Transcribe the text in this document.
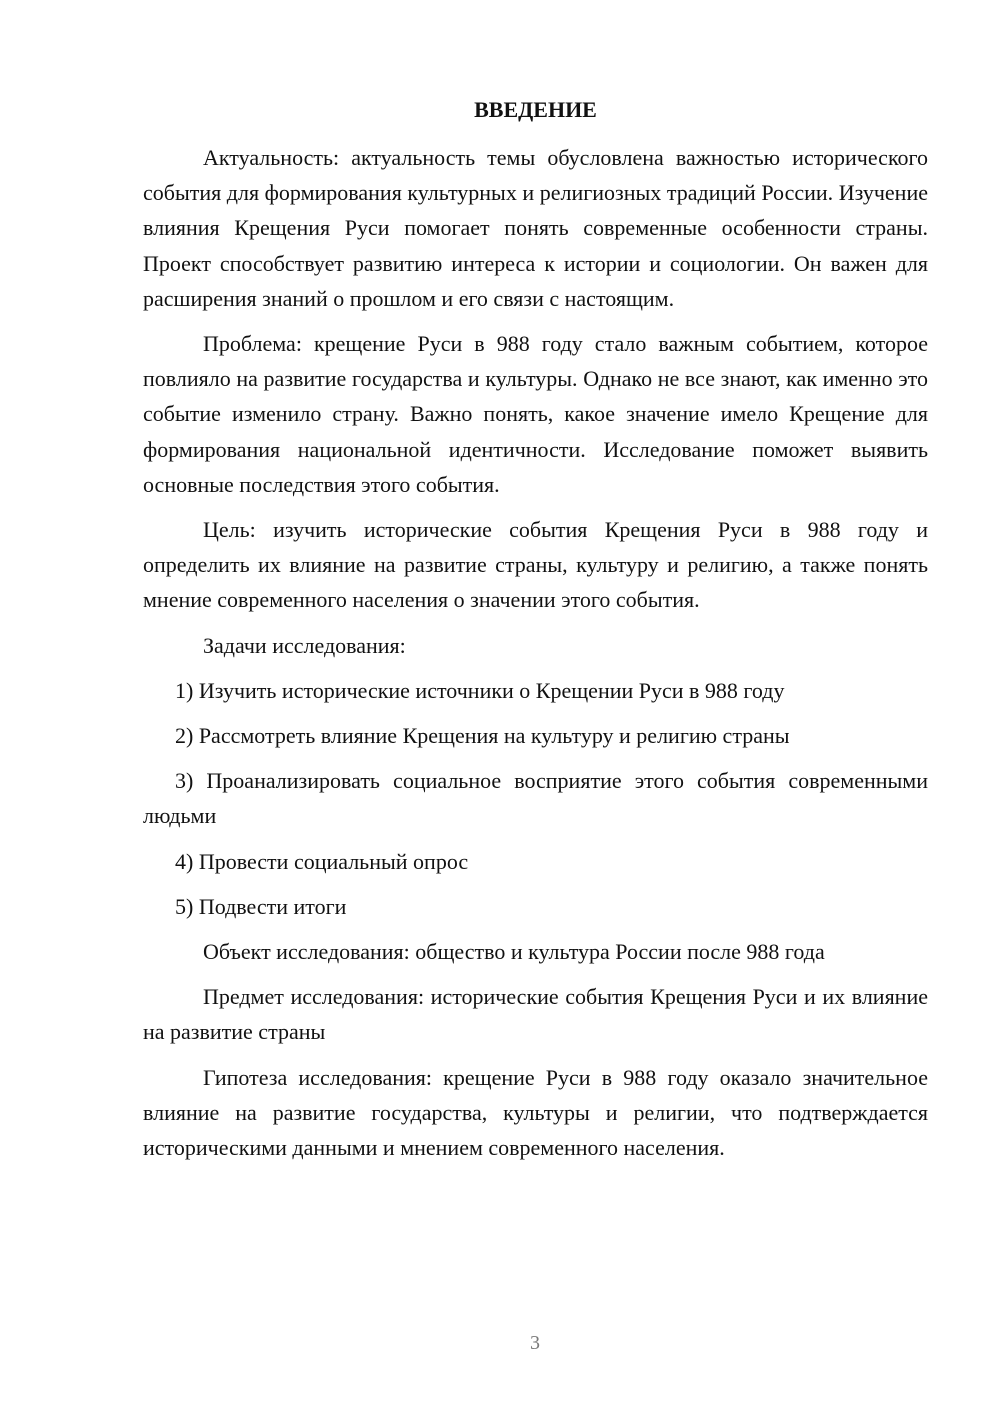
ВВЕДЕНИЕ

Актуальность: актуальность темы обусловлена важностью исторического события для формирования культурных и религиозных традиций России. Изучение влияния Крещения Руси помогает понять современные особенности страны. Проект способствует развитию интереса к истории и социологии. Он важен для расширения знаний о прошлом и его связи с настоящим.

Проблема: крещение Руси в 988 году стало важным событием, которое повлияло на развитие государства и культуры. Однако не все знают, как именно это событие изменило страну. Важно понять, какое значение имело Крещение для формирования национальной идентичности. Исследование поможет выявить основные последствия этого события.

Цель: изучить исторические события Крещения Руси в 988 году и определить их влияние на развитие страны, культуру и религию, а также понять мнение современного населения о значении этого события.

Задачи исследования:

1) Изучить исторические источники о Крещении Руси в 988 году

2) Рассмотреть влияние Крещения на культуру и религию страны

3) Проанализировать социальное восприятие этого события современными людьми

4) Провести социальный опрос

5) Подвести итоги

Объект исследования: общество и культура России после 988 года

Предмет исследования: исторические события Крещения Руси и их влияние на развитие страны

Гипотеза исследования: крещение Руси в 988 году оказало значительное влияние на развитие государства, культуры и религии, что подтверждается историческими данными и мнением современного населения.

3
